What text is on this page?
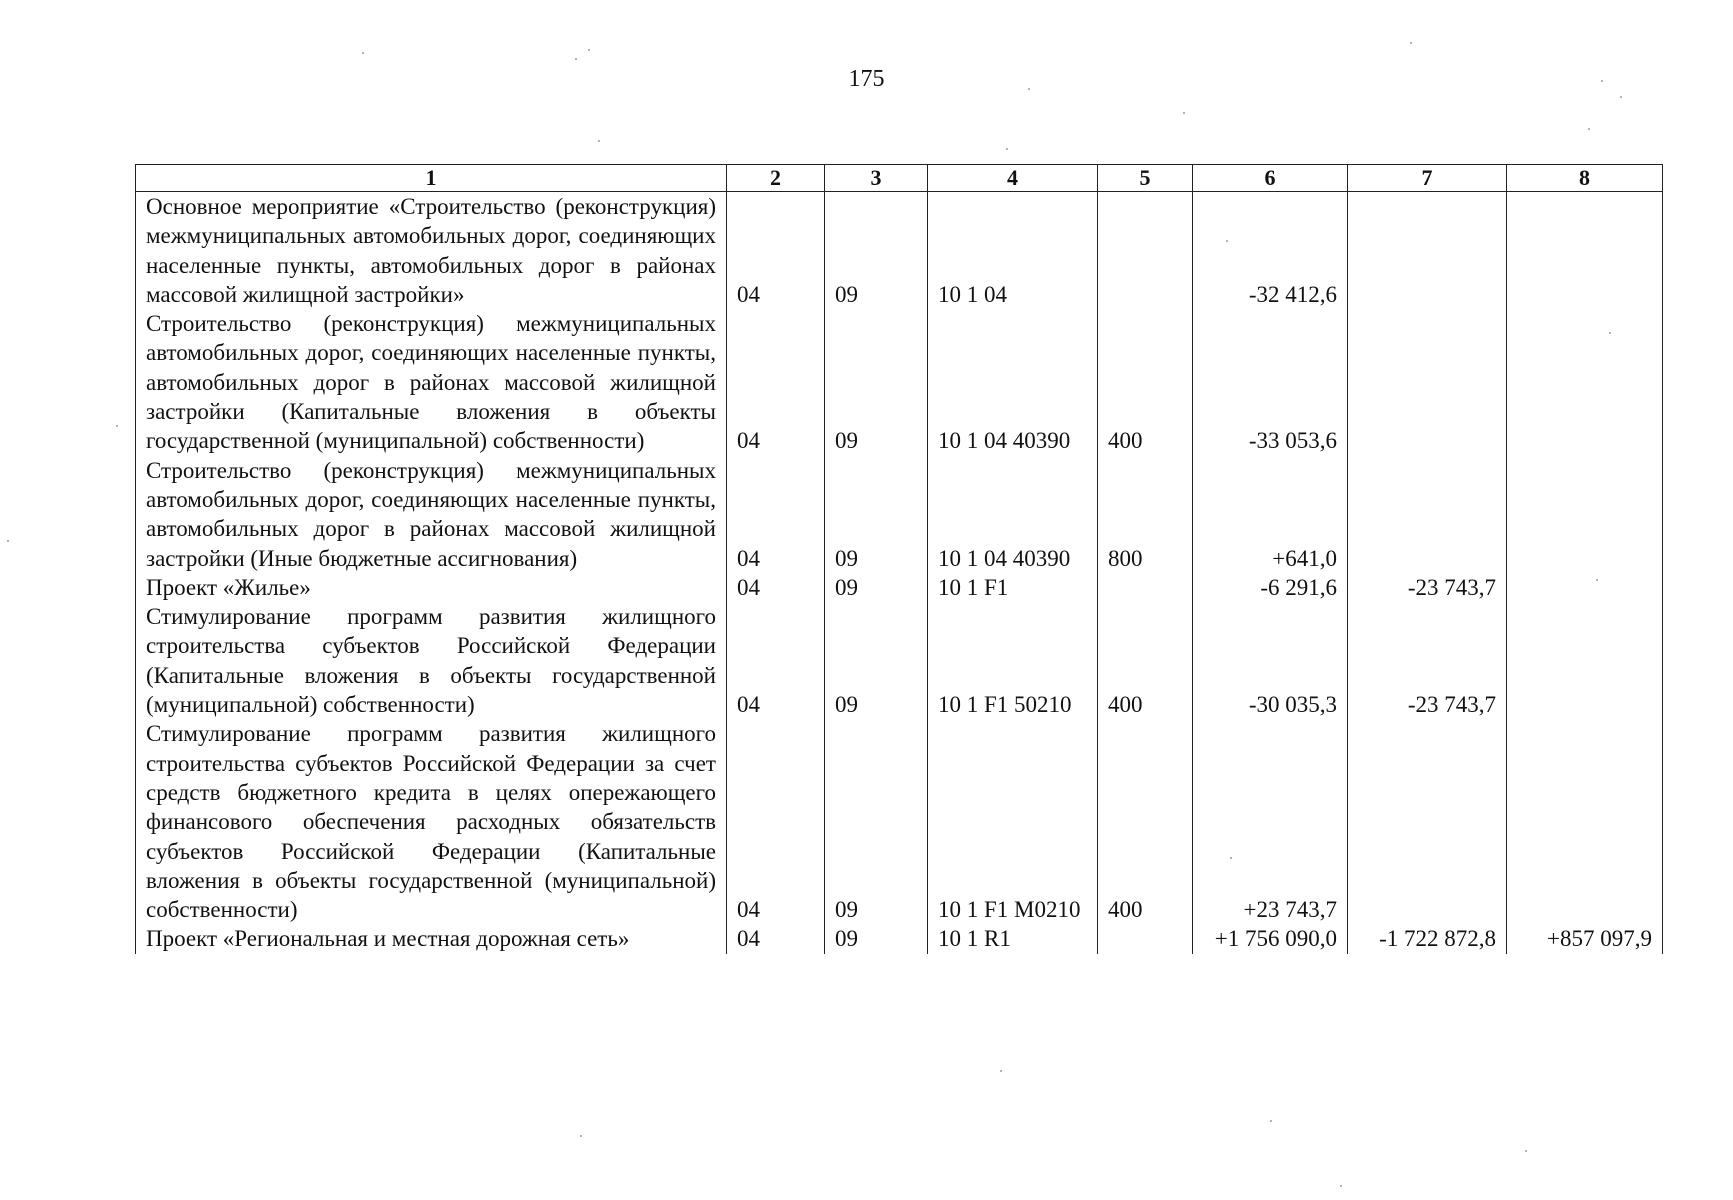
175
1	2	3	4	5	6	7	8
Основное мероприятие «Строительство (реконструкция) межмуниципальных автомобильных дорог, соединяющих населенные пункты, автомобильных дорог в районах массовой жилищной застройки»	04	09	10 1 04		-32 412,6		
Строительство (реконструкция) межмуниципальных автомобильных дорог, соединяющих населенные пункты, автомобильных дорог в районах массовой жилищной застройки (Капитальные вложения в объекты государственной (муниципальной) собственности)	04	09	10 1 04 40390	400	-33 053,6		
Строительство (реконструкция) межмуниципальных автомобильных дорог, соединяющих населенные пункты, автомобильных дорог в районах массовой жилищной застройки (Иные бюджетные ассигнования)	04	09	10 1 04 40390	800	+641,0		
Проект «Жилье»	04	09	10 1 F1		-6 291,6	-23 743,7	
Стимулирование программ развития жилищного строительства субъектов Российской Федерации (Капитальные вложения в объекты государственной (муниципальной) собственности)	04	09	10 1 F1 50210	400	-30 035,3	-23 743,7	
Стимулирование программ развития жилищного строительства субъектов Российской Федерации за счет средств бюджетного кредита в целях опережающего финансового обеспечения расходных обязательств субъектов Российской Федерации (Капитальные вложения в объекты государственной (муниципальной) собственности)	04	09	10 1 F1 M0210	400	+23 743,7		
Проект «Региональная и местная дорожная сеть»	04	09	10 1 R1		+1 756 090,0	-1 722 872,8	+857 097,9
